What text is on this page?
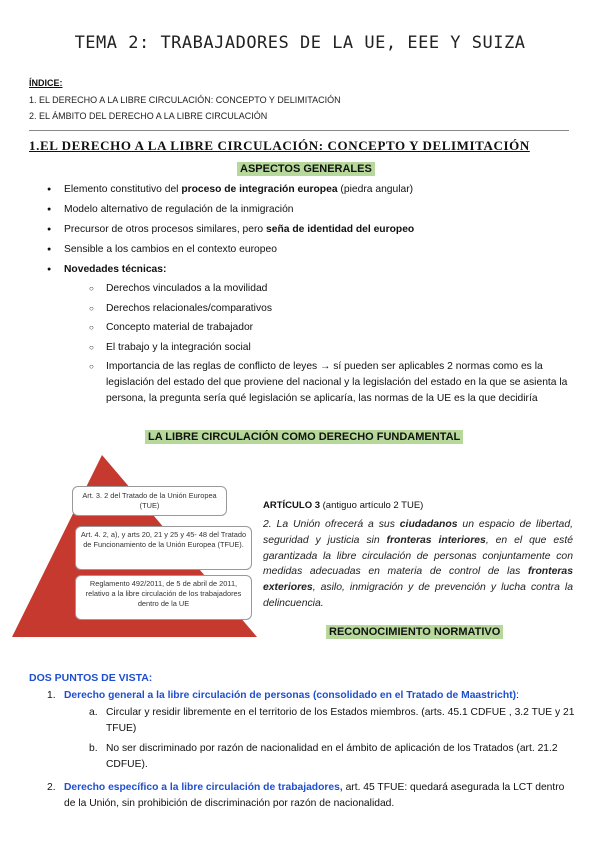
TEMA 2: TRABAJADORES DE LA UE, EEE Y SUIZA
ÍNDICE:
1. EL DERECHO A LA LIBRE CIRCULACIÓN: CONCEPTO Y DELIMITACIÓN
2. EL ÁMBITO DEL DERECHO A LA LIBRE CIRCULACIÓN
1.EL DERECHO A LA LIBRE CIRCULACIÓN: CONCEPTO Y DELIMITACIÓN
ASPECTOS GENERALES
● Elemento constitutivo del proceso de integración europea (piedra angular)
● Modelo alternativo de regulación de la inmigración
● Precursor de otros procesos similares, pero seña de identidad del europeo
● Sensible a los cambios en el contexto europeo
● Novedades técnicas:
○ Derechos vinculados a la movilidad
○ Derechos relacionales/comparativos
○ Concepto material de trabajador
○ El trabajo y la integración social
○ Importancia de las reglas de conflicto de leyes → sí pueden ser aplicables 2 normas como es la legislación del estado del que proviene del nacional y la legislación del estado en la que se asienta la persona, la pregunta sería qué legislación se aplicaría, las normas de la UE es la que decidiría
LA LIBRE CIRCULACIÓN COMO DERECHO FUNDAMENTAL
Art. 3. 2 del Tratado de la Unión Europea (TUE)
Art. 4. 2, a), y arts 20, 21 y 25 y 45- 48 del Tratado de Funcionamiento de la Unión Europea (TFUE).
Reglamento 492/2011, de 5 de abril de 2011, relativo a la libre circulación de los trabajadores dentro de la UE
ARTÍCULO 3 (antiguo artículo 2 TUE)
2. La Unión ofrecerá a sus ciudadanos un espacio de libertad, seguridad y justicia sin fronteras interiores, en el que esté garantizada la libre circulación de personas conjuntamente con medidas adecuadas en materia de control de las fronteras exteriores, asilo, inmigración y de prevención y lucha contra la delincuencia.
RECONOCIMIENTO NORMATIVO
DOS PUNTOS DE VISTA:
1. Derecho general a la libre circulación de personas (consolidado en el Tratado de Maastricht):
a. Circular y residir libremente en el territorio de los Estados miembros. (arts. 45.1 CDFUE , 3.2 TUE y 21 TFUE)
b. No ser discriminado por razón de nacionalidad en el ámbito de aplicación de los Tratados (art. 21.2 CDFUE).
2. Derecho específico a la libre circulación de trabajadores, art. 45 TFUE: quedará asegurada la LCT dentro de la Unión, sin prohibición de discriminación por razón de nacionalidad.
